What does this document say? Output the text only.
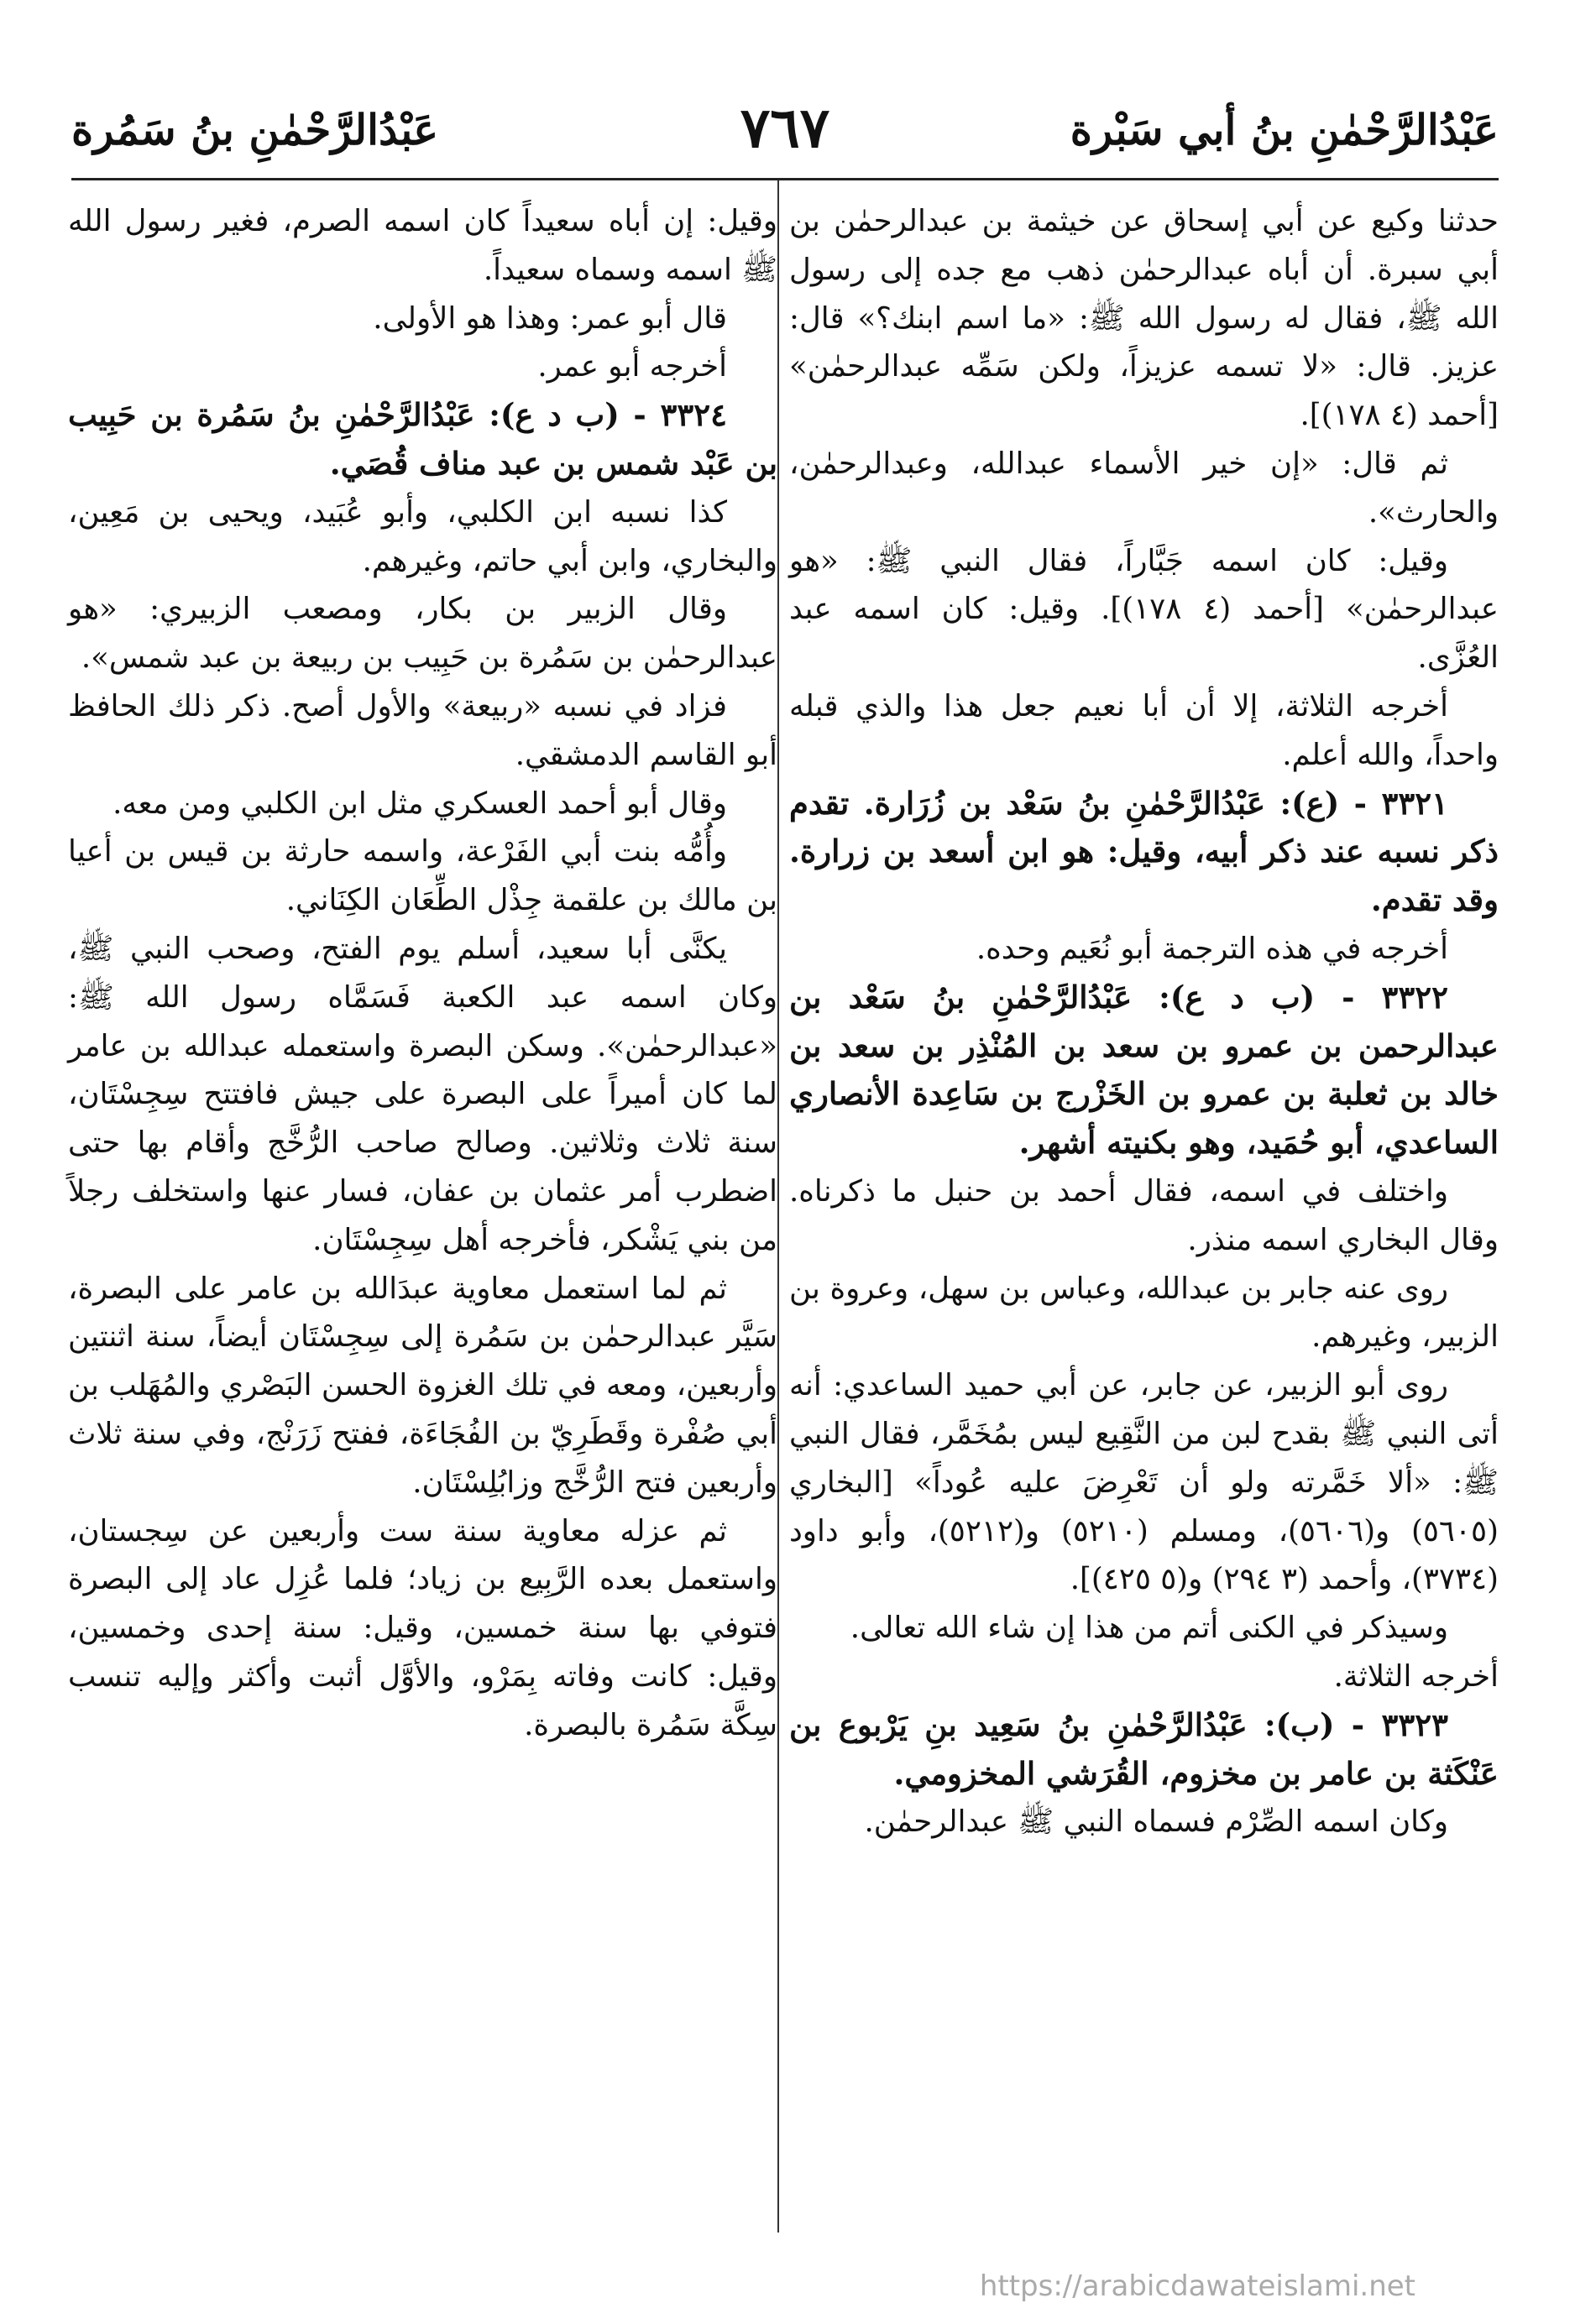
عَبْدُالرَّحْمٰنِ بنُ أبي سَبْرة
٧٦٧
عَبْدُالرَّحْمٰنِ بنُ سَمُرة

حدثنا وكيع عن أبي إسحاق عن خيثمة بن عبدالرحمٰن بن أبي سبرة. أن أباه عبدالرحمٰن ذهب مع جده إلى رسول الله ﷺ، فقال له رسول الله ﷺ: «ما اسم ابنك؟» قال: عزيز. قال: «لا تسمه عزيزاً، ولكن سَمِّه عبدالرحمٰن» [أحمد (٤ ١٧٨)].

ثم قال: «إن خير الأسماء عبدالله، وعبدالرحمٰن، والحارث».

وقيل: كان اسمه جَبَّاراً، فقال النبي ﷺ: «هو عبدالرحمٰن» [أحمد (٤ ١٧٨)]. وقيل: كان اسمه عبد العُزَّى.

أخرجه الثلاثة، إلا أن أبا نعيم جعل هذا والذي قبله واحداً، والله أعلم.

٣٣٢١ - (ع): عَبْدُالرَّحْمٰنِ بنُ سَعْد بن زُرَارة. تقدم ذكر نسبه عند ذكر أبيه، وقيل: هو ابن أسعد بن زرارة. وقد تقدم.

أخرجه في هذه الترجمة أبو نُعَيم وحده.

٣٣٢٢ - (ب د ع): عَبْدُالرَّحْمٰنِ بنُ سَعْد بن عبدالرحمن بن عمرو بن سعد بن المُنْذِر بن سعد بن خالد بن ثعلبة بن عمرو بن الخَزْرج بن سَاعِدة الأنصاري الساعدي، أبو حُمَيد، وهو بكنيته أشهر.

واختلف في اسمه، فقال أحمد بن حنبل ما ذكرناه. وقال البخاري اسمه منذر.

روى عنه جابر بن عبدالله، وعباس بن سهل، وعروة بن الزبير، وغيرهم.

روى أبو الزبير، عن جابر، عن أبي حميد الساعدي: أنه أتى النبي ﷺ بقدح لبن من النَّقِيع ليس بمُخَمَّر، فقال النبي ﷺ: «ألا خَمَّرته ولو أن تَعْرِضَ عليه عُوداً» [البخاري (٥٦٠٥) و(٥٦٠٦)، ومسلم (٥٢١٠) و(٥٢١٢)، وأبو داود (٣٧٣٤)، وأحمد (٣ ٢٩٤) و(٥ ٤٢٥)].

وسيذكر في الكنى أتم من هذا إن شاء الله تعالى.

أخرجه الثلاثة.

٣٣٢٣ - (ب): عَبْدُالرَّحْمٰنِ بنُ سَعِيد بنِ يَرْبوع بن عَنْكَثة بن عامر بن مخزوم، القُرَشي المخزومي.

وكان اسمه الصِّرْم فسماه النبي ﷺ عبدالرحمٰن.

وقيل: إن أباه سعيداً كان اسمه الصرم، فغير رسول الله ﷺ اسمه وسماه سعيداً.

قال أبو عمر: وهذا هو الأولى.

أخرجه أبو عمر.

٣٣٢٤ - (ب د ع): عَبْدُالرَّحْمٰنِ بنُ سَمُرة بن حَبِيب بن عَبْد شمس بن عبد مناف قُصَي.

كذا نسبه ابن الكلبي، وأبو عُبَيد، ويحيى بن مَعِين، والبخاري، وابن أبي حاتم، وغيرهم.

وقال الزبير بن بكار، ومصعب الزبيري: «هو عبدالرحمٰن بن سَمُرة بن حَبِيب بن ربيعة بن عبد شمس».

فزاد في نسبه «ربيعة» والأول أصح. ذكر ذلك الحافظ أبو القاسم الدمشقي.

وقال أبو أحمد العسكري مثل ابن الكلبي ومن معه.

وأُمُّه بنت أبي الفَرْعة، واسمه حارثة بن قيس بن أعيا بن مالك بن علقمة جِذْل الطِّعَان الكِنَاني.

يكنَّى أبا سعيد، أسلم يوم الفتح، وصحب النبي ﷺ، وكان اسمه عبد الكعبة فَسَمَّاه رسول الله ﷺ: «عبدالرحمٰن». وسكن البصرة واستعمله عبدالله بن عامر لما كان أميراً على البصرة على جيش فافتتح سِجِسْتَان، سنة ثلاث وثلاثين. وصالح صاحب الرُّخَّج وأقام بها حتى اضطرب أمر عثمان بن عفان، فسار عنها واستخلف رجلاً من بني يَشْكر، فأخرجه أهل سِجِسْتَان.

ثم لما استعمل معاوية عبدَالله بن عامر على البصرة، سَيَّر عبدالرحمٰن بن سَمُرة إلى سِجِسْتَان أيضاً، سنة اثنتين وأربعين، ومعه في تلك الغزوة الحسن البَصْري والمُهَلب بن أبي صُفْرة وقَطَرِيّ بن الفُجَاءَة، ففتح زَرَنْج، وفي سنة ثلاث وأربعين فتح الرُّخَّج وزابُلِسْتَان.

ثم عزله معاوية سنة ست وأربعين عن سِجستان، واستعمل بعده الرَّبِيع بن زياد؛ فلما عُزِل عاد إلى البصرة فتوفي بها سنة خمسين، وقيل: سنة إحدى وخمسين، وقيل: كانت وفاته بِمَرْو، والأوَّل أثبت وأكثر وإليه تنسب سِكَّة سَمُرة بالبصرة.

https://arabicdawateislami.net
